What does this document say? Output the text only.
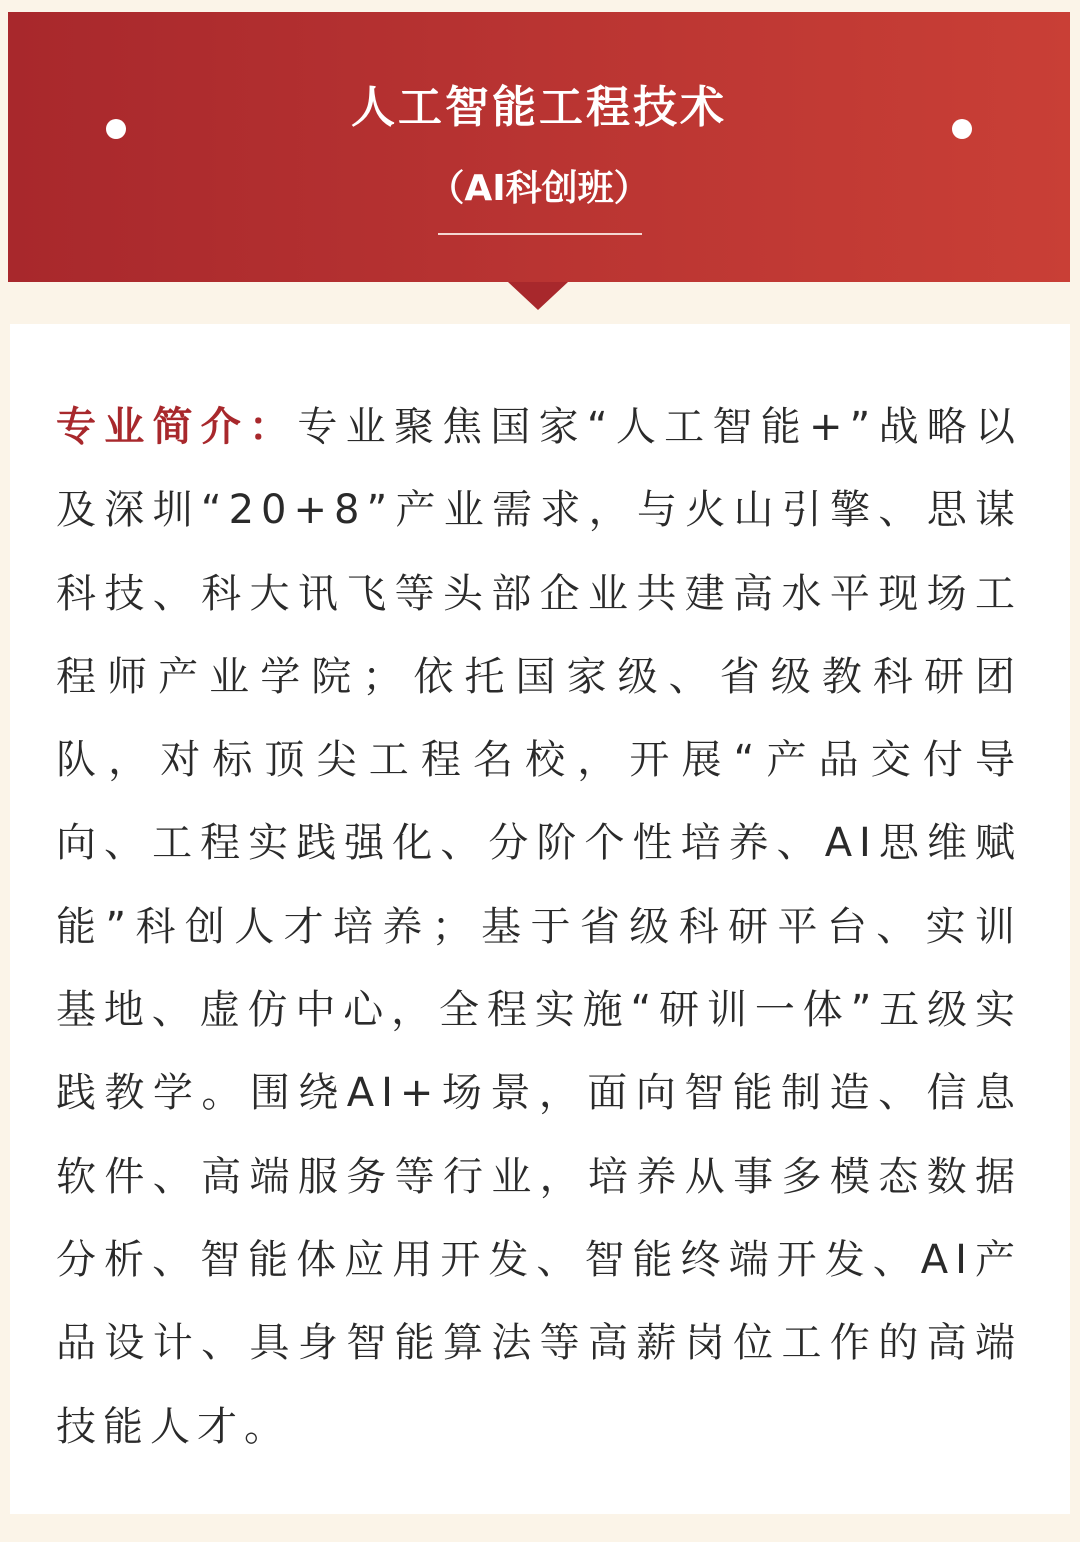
人工智能工程技术
（AI科创班）

专业简介：专业聚焦国家“人工智能+”战略以及深圳“20+8”产业需求，与火山引擎、思谋科技、科大讯飞等头部企业共建高水平现场工程师产业学院；依托国家级、省级教科研团队，对标顶尖工程名校，开展“产品交付导向、工程实践强化、分阶个性培养、AI思维赋能”科创人才培养；基于省级科研平台、实训基地、虚仿中心，全程实施“研训一体”五级实践教学。围绕AI+场景，面向智能制造、信息软件、高端服务等行业，培养从事多模态数据分析、智能体应用开发、智能终端开发、AI产品设计、具身智能算法等高薪岗位工作的高端技能人才。
